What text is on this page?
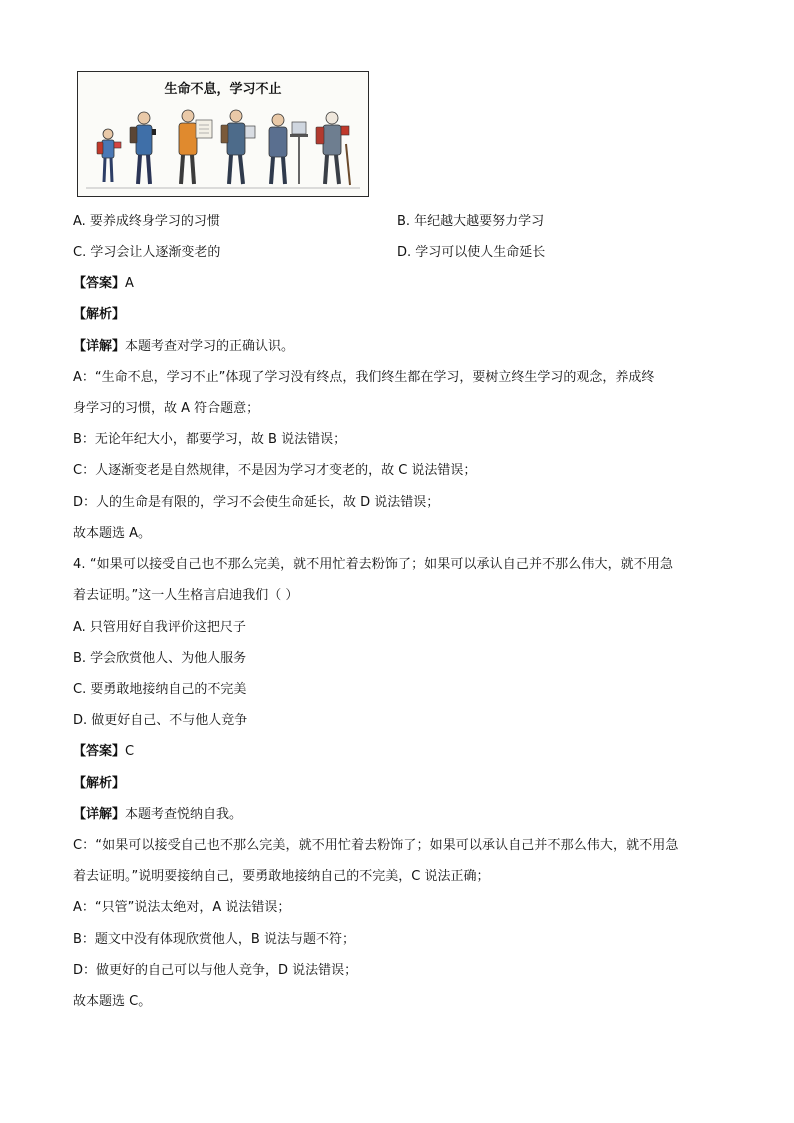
生命不息，学习不止
A. 要养成终身学习的习惯	B. 年纪越大越要努力学习
C. 学习会让人逐渐变老的	D. 学习可以使人生命延长
【答案】A
【解析】
【详解】本题考查对学习的正确认识。
A：“生命不息，学习不止”体现了学习没有终点，我们终生都在学习，要树立终生学习的观念，养成终
身学习的习惯，故 A 符合题意；
B：无论年纪大小，都要学习，故 B 说法错误；
C：人逐渐变老是自然规律，不是因为学习才变老的，故 C 说法错误；
D：人的生命是有限的，学习不会使生命延长，故 D 说法错误；
故本题选 A。
4. “如果可以接受自己也不那么完美，就不用忙着去粉饰了；如果可以承认自己并不那么伟大，就不用急
着去证明。”这一人生格言启迪我们（ ）
A. 只管用好自我评价这把尺子
B. 学会欣赏他人、为他人服务
C. 要勇敢地接纳自己的不完美
D. 做更好自己、不与他人竞争
【答案】C
【解析】
【详解】本题考查悦纳自我。
C：“如果可以接受自己也不那么完美，就不用忙着去粉饰了；如果可以承认自己并不那么伟大，就不用急
着去证明。”说明要接纳自己，要勇敢地接纳自己的不完美，C 说法正确；
A：“只管”说法太绝对，A 说法错误；
B：题文中没有体现欣赏他人，B 说法与题不符；
D：做更好的自己可以与他人竞争，D 说法错误；
故本题选 C。
